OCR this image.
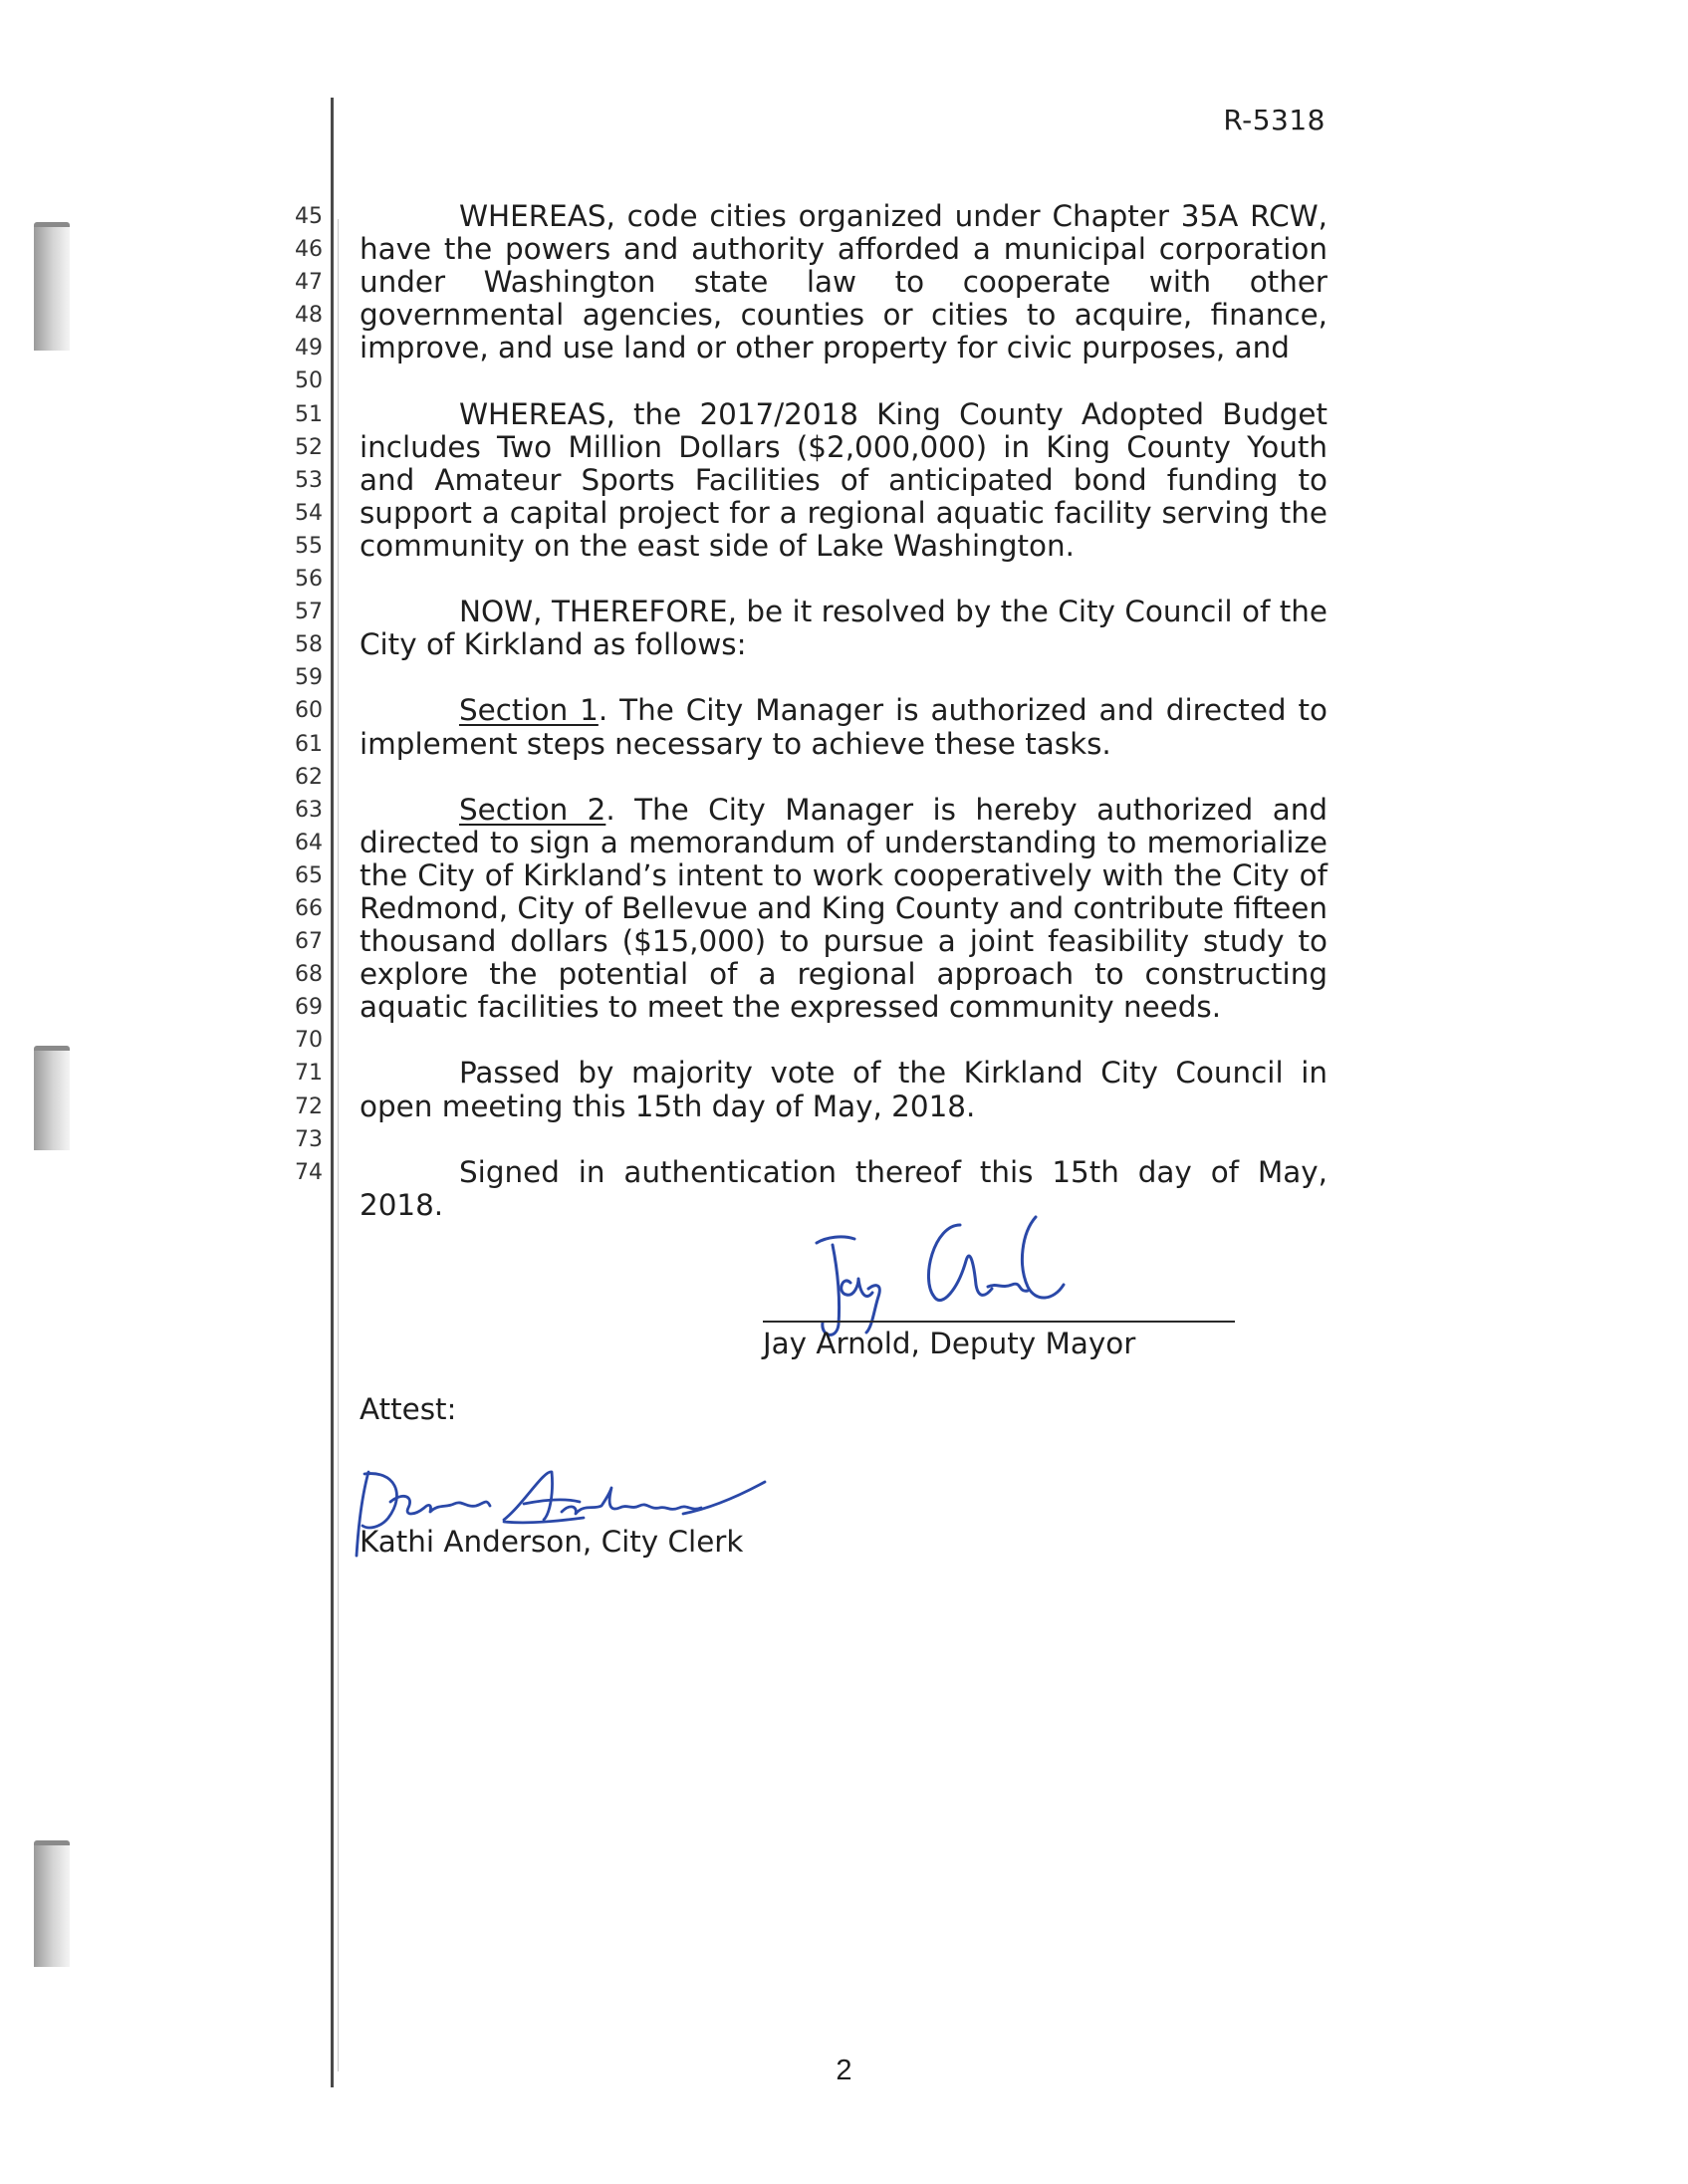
R-5318
45
46
47
48
49
50
51
52
53
54
55
56
57
58
59
60
61
62
63
64
65
66
67
68
69
70
71
72
73
74
WHEREAS, code cities organized under Chapter 35A RCW, have the powers and authority afforded a municipal corporation under Washington state law to cooperate with other governmental agencies, counties or cities to acquire, finance, improve, and use land or other property for civic purposes, and
WHEREAS, the 2017/2018 King County Adopted Budget includes Two Million Dollars ($2,000,000) in King County Youth and Amateur Sports Facilities of anticipated bond funding to support a capital project for a regional aquatic facility serving the community on the east side of Lake Washington.
NOW, THEREFORE, be it resolved by the City Council of the City of Kirkland as follows:
Section 1. The City Manager is authorized and directed to implement steps necessary to achieve these tasks.
Section 2. The City Manager is hereby authorized and directed to sign a memorandum of understanding to memorialize the City of Kirkland’s intent to work cooperatively with the City of Redmond, City of Bellevue and King County and contribute fifteen thousand dollars ($15,000) to pursue a joint feasibility study to explore the potential of a regional approach to constructing aquatic facilities to meet the expressed community needs.
Passed by majority vote of the Kirkland City Council in open meeting this 15th day of May, 2018.
Signed in authentication thereof this 15th day of May, 2018.
Jay Arnold, Deputy Mayor
Attest:
Kathi Anderson, City Clerk
2
